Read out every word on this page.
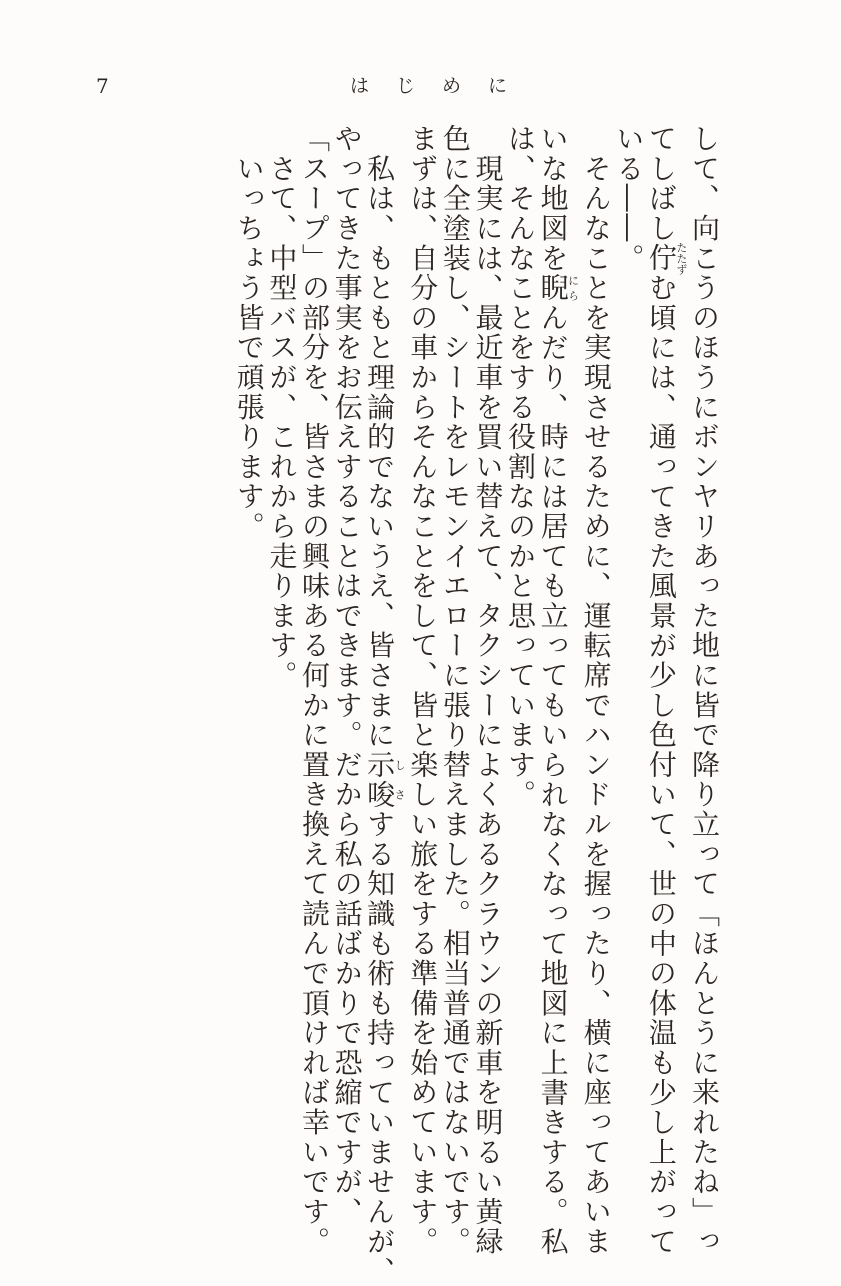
7	はじめに
して、向こうのほうにボンヤリあった地に皆で降り立って「ほんとうに来れたね」っ
てしばし佇たたずむ頃には、通ってきた風景が少し色付いて、世の中の体温も少し上がって
いる――。
　そんなことを実現させるために、運転席でハンドルを握ったり、横に座ってあいま
いな地図を睨にらんだり、時には居ても立ってもいられなくなって地図に上書きする。私
は、そんなことをする役割なのかと思っています。
　現実には、最近車を買い替えて、タクシーによくあるクラウンの新車を明るい黄緑
色に全塗装し、シートをレモンイエローに張り替えました。相当普通ではないです。
まずは、自分の車からそんなことをして、皆と楽しい旅をする準備を始めています。
　私は、もともと理論的でないうえ、皆さまに示し唆さする知識も術も持っていませんが、
やってきた事実をお伝えすることはできます。だから私の話ばかりで恐縮ですが、
「スープ」の部分を、皆さまの興味ある何かに置き換えて読んで頂ければ幸いです。
　さて、中型バスが、これから走ります。
　いっちょう皆で頑張ります。
